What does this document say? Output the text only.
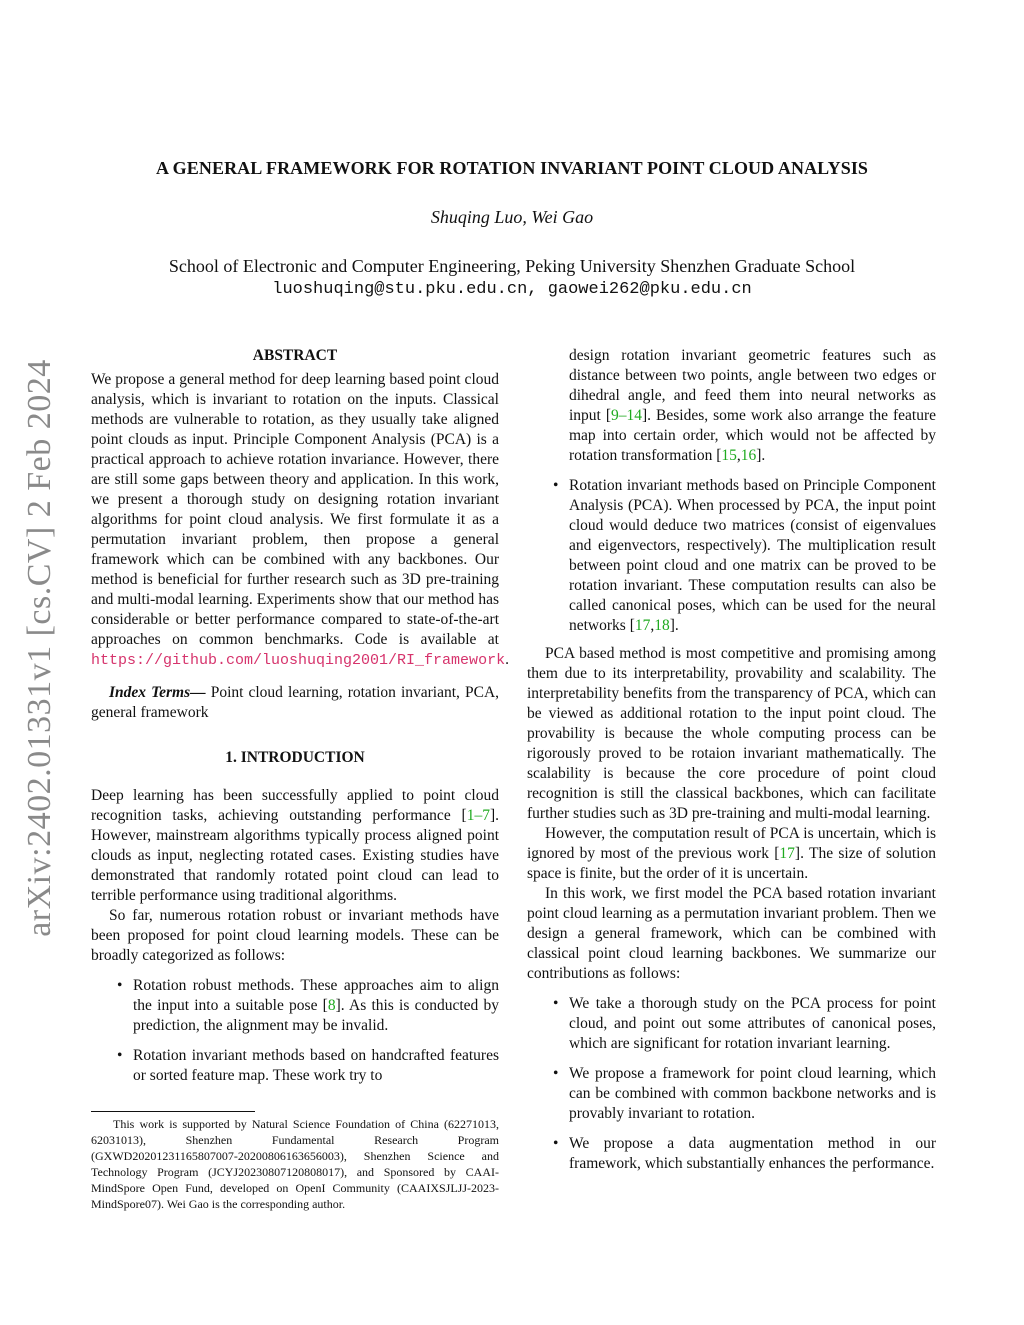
arXiv:2402.01331v1 [cs.CV] 2 Feb 2024
A GENERAL FRAMEWORK FOR ROTATION INVARIANT POINT CLOUD ANALYSIS
Shuqing Luo, Wei Gao
School of Electronic and Computer Engineering, Peking University Shenzhen Graduate School
luoshuqing@stu.pku.edu.cn, gaowei262@pku.edu.cn
ABSTRACT

We propose a general method for deep learning based point cloud analysis, which is invariant to rotation on the inputs. Classical methods are vulnerable to rotation, as they usually take aligned point clouds as input. Principle Component Analysis (PCA) is a practical approach to achieve rotation invariance. However, there are still some gaps between theory and application. In this work, we present a thorough study on designing rotation invariant algorithms for point cloud analysis. We first formulate it as a permutation invariant problem, then propose a general framework which can be combined with any backbones. Our method is beneficial for further research such as 3D pre-training and multi-modal learning. Experiments show that our method has considerable or better performance compared to state-of-the-art approaches on common benchmarks. Code is available at https://github.com/luoshuqing2001/RI_framework.

Index Terms— Point cloud learning, rotation invariant, PCA, general framework

1. INTRODUCTION

Deep learning has been successfully applied to point cloud recognition tasks, achieving outstanding performance [1–7]. However, mainstream algorithms typically process aligned point clouds as input, neglecting rotated cases. Existing studies have demonstrated that randomly rotated point cloud can lead to terrible performance using traditional algorithms.

So far, numerous rotation robust or invariant methods have been proposed for point cloud learning models. These can be broadly categorized as follows:

• Rotation robust methods. These approaches aim to align the input into a suitable pose [8]. As this is conducted by prediction, the alignment may be invalid.
• Rotation invariant methods based on handcrafted features or sorted feature map. These work try to
This work is supported by Natural Science Foundation of China (62271013, 62031013), Shenzhen Fundamental Research Program (GXWD20201231165807007-20200806163656003), Shenzhen Science and Technology Program (JCYJ20230807120808017), and Sponsored by CAAI-MindSpore Open Fund, developed on OpenI Community (CAAIXSJLJJ-2023-MindSpore07). Wei Gao is the corresponding author.
design rotation invariant geometric features such as distance between two points, angle between two edges or dihedral angle, and feed them into neural networks as input [9–14]. Besides, some work also arrange the feature map into certain order, which would not be affected by rotation transformation [15,16].
• Rotation invariant methods based on Principle Component Analysis (PCA). When processed by PCA, the input point cloud would deduce two matrices (consist of eigenvalues and eigenvectors, respectively). The multiplication result between point cloud and one matrix can be proved to be rotation invariant. These computation results can also be called canonical poses, which can be used for the neural networks [17,18].

PCA based method is most competitive and promising among them due to its interpretability, provability and scalability. The interpretability benefits from the transparency of PCA, which can be viewed as additional rotation to the input point cloud. The provability is because the whole computing process can be rigorously proved to be rotaion invariant mathematically. The scalability is because the core procedure of point cloud recognition is still the classical backbones, which can facilitate further studies such as 3D pre-training and multi-modal learning.

However, the computation result of PCA is uncertain, which is ignored by most of the previous work [17]. The size of solution space is finite, but the order of it is uncertain.

In this work, we first model the PCA based rotation invariant point cloud learning as a permutation invariant problem. Then we design a general framework, which can be combined with classical point cloud learning backbones. We summarize our contributions as follows:

• We take a thorough study on the PCA process for point cloud, and point out some attributes of canonical poses, which are significant for rotation invariant learning.
• We propose a framework for point cloud learning, which can be combined with common backbone networks and is provably invariant to rotation.
• We propose a data augmentation method in our framework, which substantially enhances the performance.
